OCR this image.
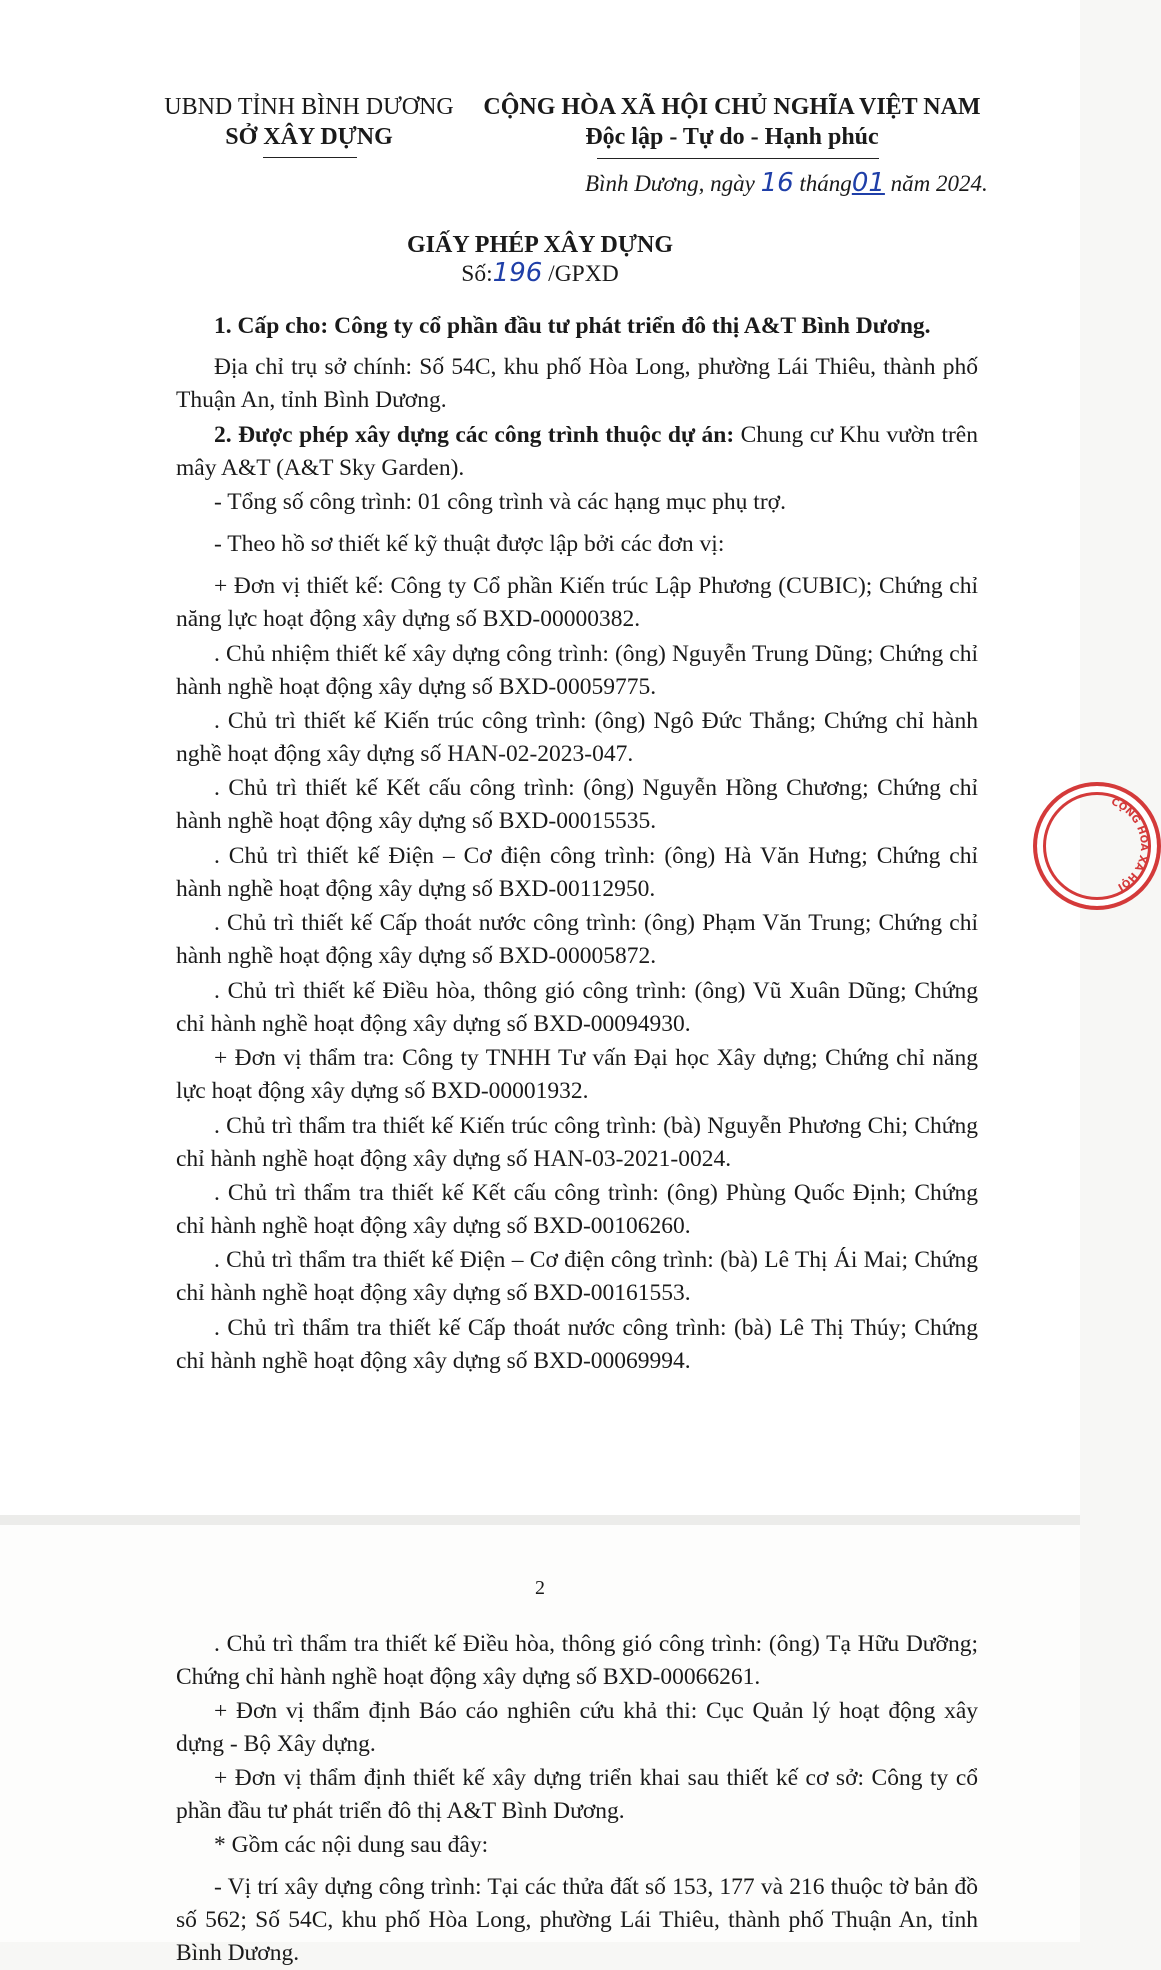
UBND TỈNH BÌNH DƯƠNG
SỞ XÂY DỰNG
CỘNG HÒA XÃ HỘI CHỦ NGHĨA VIỆT NAM
Độc lập - Tự do - Hạnh phúc
Bình Dương, ngày 16 tháng01 năm 2024.
GIẤY PHÉP XÂY DỰNG
Số:196 /GPXD
1. Cấp cho: Công ty cổ phần đầu tư phát triển đô thị A&T Bình Dương.
Địa chỉ trụ sở chính: Số 54C, khu phố Hòa Long, phường Lái Thiêu, thành phố Thuận An, tỉnh Bình Dương.
2. Được phép xây dựng các công trình thuộc dự án: Chung cư Khu vườn trên mây A&T (A&T Sky Garden).
- Tổng số công trình: 01 công trình và các hạng mục phụ trợ.
- Theo hồ sơ thiết kế kỹ thuật được lập bởi các đơn vị:
+ Đơn vị thiết kế: Công ty Cổ phần Kiến trúc Lập Phương (CUBIC); Chứng chỉ năng lực hoạt động xây dựng số BXD-00000382.
. Chủ nhiệm thiết kế xây dựng công trình: (ông) Nguyễn Trung Dũng; Chứng chỉ hành nghề hoạt động xây dựng số BXD-00059775.
. Chủ trì thiết kế Kiến trúc công trình: (ông) Ngô Đức Thắng; Chứng chỉ hành nghề hoạt động xây dựng số HAN-02-2023-047.
. Chủ trì thiết kế Kết cấu công trình: (ông) Nguyễn Hồng Chương; Chứng chỉ hành nghề hoạt động xây dựng số BXD-00015535.
. Chủ trì thiết kế Điện – Cơ điện công trình: (ông) Hà Văn Hưng; Chứng chỉ hành nghề hoạt động xây dựng số BXD-00112950.
. Chủ trì thiết kế Cấp thoát nước công trình: (ông) Phạm Văn Trung; Chứng chỉ hành nghề hoạt động xây dựng số BXD-00005872.
. Chủ trì thiết kế Điều hòa, thông gió công trình: (ông) Vũ Xuân Dũng; Chứng chỉ hành nghề hoạt động xây dựng số BXD-00094930.
+ Đơn vị thẩm tra: Công ty TNHH Tư vấn Đại học Xây dựng; Chứng chỉ năng lực hoạt động xây dựng số BXD-00001932.
. Chủ trì thẩm tra thiết kế Kiến trúc công trình: (bà) Nguyễn Phương Chi; Chứng chỉ hành nghề hoạt động xây dựng số HAN-03-2021-0024.
. Chủ trì thẩm tra thiết kế Kết cấu công trình: (ông) Phùng Quốc Định; Chứng chỉ hành nghề hoạt động xây dựng số BXD-00106260.
. Chủ trì thẩm tra thiết kế Điện – Cơ điện công trình: (bà) Lê Thị Ái Mai; Chứng chỉ hành nghề hoạt động xây dựng số BXD-00161553.
. Chủ trì thẩm tra thiết kế Cấp thoát nước công trình: (bà) Lê Thị Thúy; Chứng chỉ hành nghề hoạt động xây dựng số BXD-00069994.
CỘNG HÒA XÃ HỘI
2
. Chủ trì thẩm tra thiết kế Điều hòa, thông gió công trình: (ông) Tạ Hữu Dưỡng; Chứng chỉ hành nghề hoạt động xây dựng số BXD-00066261.
+ Đơn vị thẩm định Báo cáo nghiên cứu khả thi: Cục Quản lý hoạt động xây dựng - Bộ Xây dựng.
+ Đơn vị thẩm định thiết kế xây dựng triển khai sau thiết kế cơ sở: Công ty cổ phần đầu tư phát triển đô thị A&T Bình Dương.
* Gồm các nội dung sau đây:
- Vị trí xây dựng công trình: Tại các thửa đất số 153, 177 và 216 thuộc tờ bản đồ số 562; Số 54C, khu phố Hòa Long, phường Lái Thiêu, thành phố Thuận An, tỉnh Bình Dương.
